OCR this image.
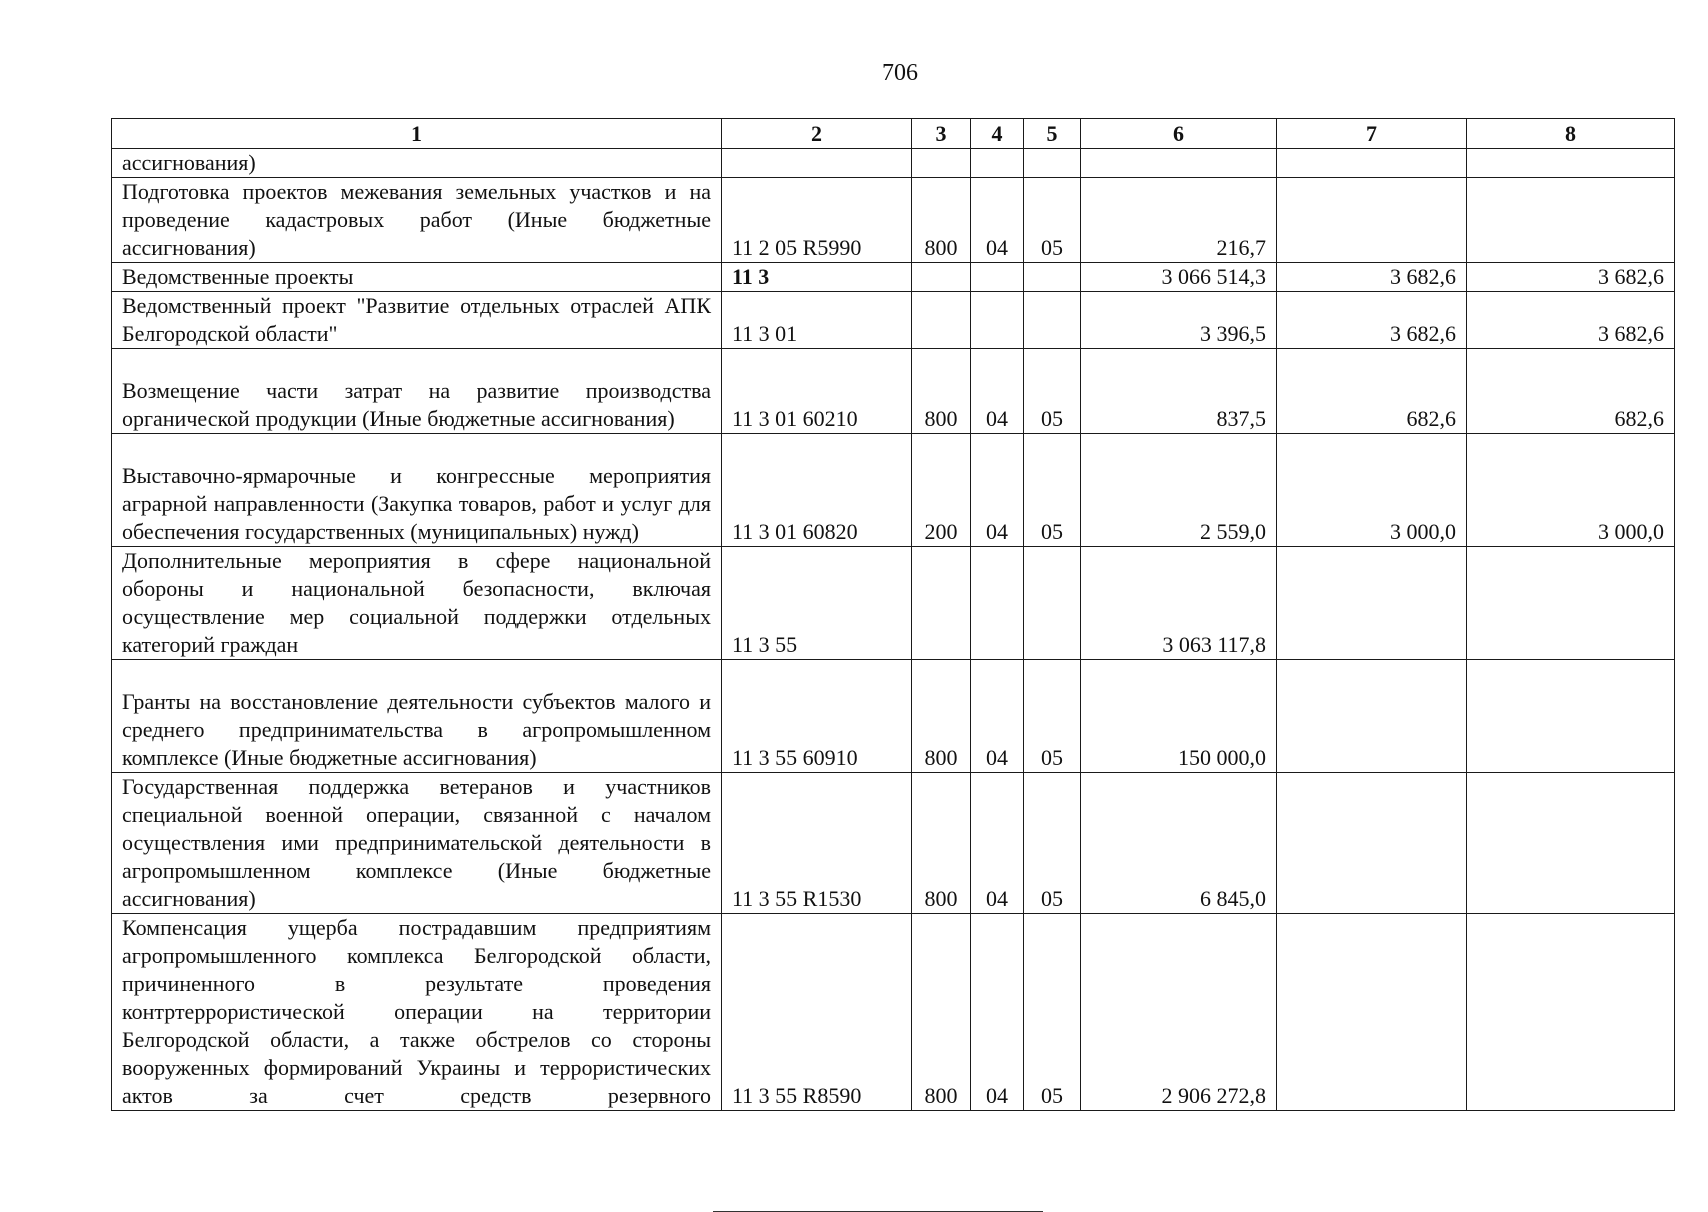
706
1	2	3	4	5	6	7	8
ассигнования)							
Подготовка проектов межевания земельных участков и на проведение кадастровых работ (Иные бюджетные ассигнования)	11 2 05 R5990	800	04	05	216,7		
Ведомственные проекты	11 3				3 066 514,3	3 682,6	3 682,6
Ведомственный проект "Развитие отдельных отраслей АПК Белгородской области"	11 3 01				3 396,5	3 682,6	3 682,6
Возмещение части затрат на развитие производства органической продукции (Иные бюджетные ассигнования)	11 3 01 60210	800	04	05	837,5	682,6	682,6
Выставочно-ярмарочные и конгрессные мероприятия аграрной направленности (Закупка товаров, работ и услуг для обеспечения государственных (муниципальных) нужд)	11 3 01 60820	200	04	05	2 559,0	3 000,0	3 000,0
Дополнительные мероприятия в сфере национальной обороны и национальной безопасности, включая осуществление мер социальной поддержки отдельных категорий граждан	11 3 55				3 063 117,8		
Гранты на восстановление деятельности субъектов малого и среднего предпринимательства в агропромышленном комплексе (Иные бюджетные ассигнования)	11 3 55 60910	800	04	05	150 000,0		
Государственная поддержка ветеранов и участников специальной военной операции, связанной с началом осуществления ими предпринимательской деятельности в агропромышленном комплексе (Иные бюджетные ассигнования)	11 3 55 R1530	800	04	05	6 845,0		
Компенсация ущерба пострадавшим предприятиям агропромышленного комплекса Белгородской области, причиненного в результате проведения контртеррористической операции на территории Белгородской области, а также обстрелов со стороны вооруженных формирований Украины и террористических актов за счет средств резервного	11 3 55 R8590	800	04	05	2 906 272,8		
